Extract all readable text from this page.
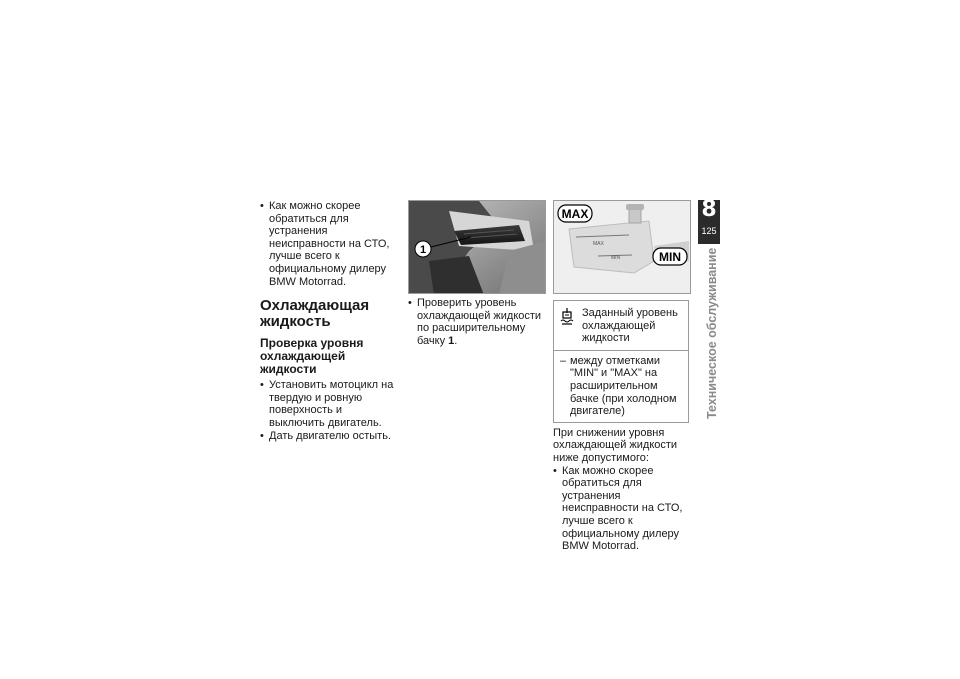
• Как можно скорее обратиться для устранения неисправности на СТО, лучше всего к официальному дилеру BMW Motorrad.
Охлаждающая жидкость
Проверка уровня охлаждающей жидкости
• Установить мотоцикл на твердую и ровную поверхность и выключить двигатель.
• Дать двигателю остыть.
1
• Проверить уровень охлаждающей жидкости по расширительному бачку 1.
MAX
MIN
MAX
MIN
Заданный уровень охлаждающей жидкости
– между отметками "MIN" и "MAX" на расширительном бачке (при холодном двигателе)
При снижении уровня охлаждающей жидкости ниже допустимого:
• Как можно скорее обратиться для устранения неисправности на СТО, лучше всего к официальному дилеру BMW Motorrad.
8
125
Техническое обслуживание
